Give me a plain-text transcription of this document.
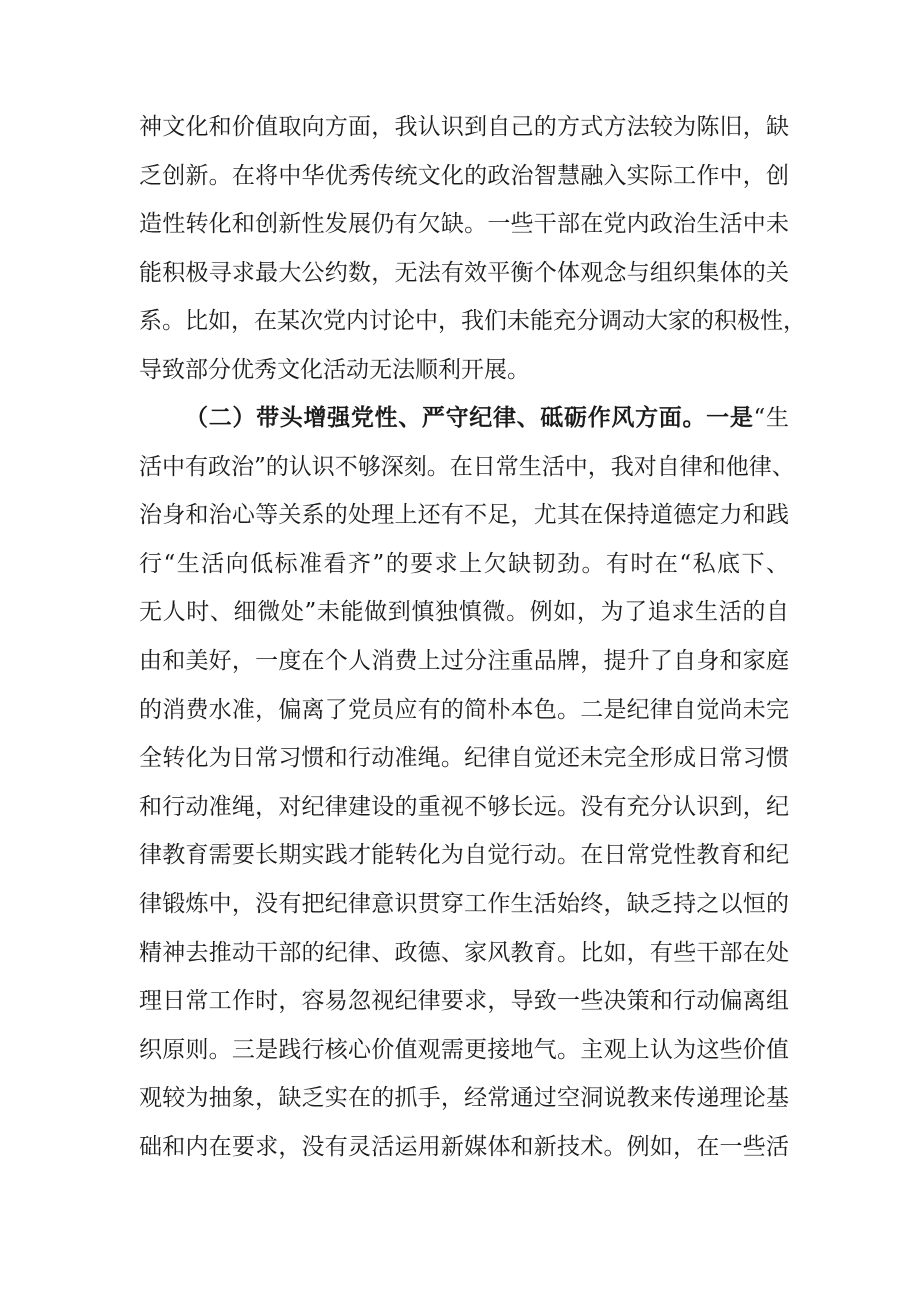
神文化和价值取向方面，我认识到自己的方式方法较为陈旧，缺
乏创新。在将中华优秀传统文化的政治智慧融入实际工作中，创
造性转化和创新性发展仍有欠缺。一些干部在党内政治生活中未
能积极寻求最大公约数，无法有效平衡个体观念与组织集体的关
系。比如，在某次党内讨论中，我们未能充分调动大家的积极性，
导致部分优秀文化活动无法顺利开展。
（二）带头增强党性、严守纪律、砥砺作风方面。一是“生
活中有政治”的认识不够深刻。在日常生活中，我对自律和他律、
治身和治心等关系的处理上还有不足，尤其在保持道德定力和践
行“生活向低标准看齐”的要求上欠缺韧劲。有时在“私底下、
无人时、细微处”未能做到慎独慎微。例如，为了追求生活的自
由和美好，一度在个人消费上过分注重品牌，提升了自身和家庭
的消费水准，偏离了党员应有的简朴本色。二是纪律自觉尚未完
全转化为日常习惯和行动准绳。纪律自觉还未完全形成日常习惯
和行动准绳，对纪律建设的重视不够长远。没有充分认识到，纪
律教育需要长期实践才能转化为自觉行动。在日常党性教育和纪
律锻炼中，没有把纪律意识贯穿工作生活始终，缺乏持之以恒的
精神去推动干部的纪律、政德、家风教育。比如，有些干部在处
理日常工作时，容易忽视纪律要求，导致一些决策和行动偏离组
织原则。三是践行核心价值观需更接地气。主观上认为这些价值
观较为抽象，缺乏实在的抓手，经常通过空洞说教来传递理论基
础和内在要求，没有灵活运用新媒体和新技术。例如，在一些活
